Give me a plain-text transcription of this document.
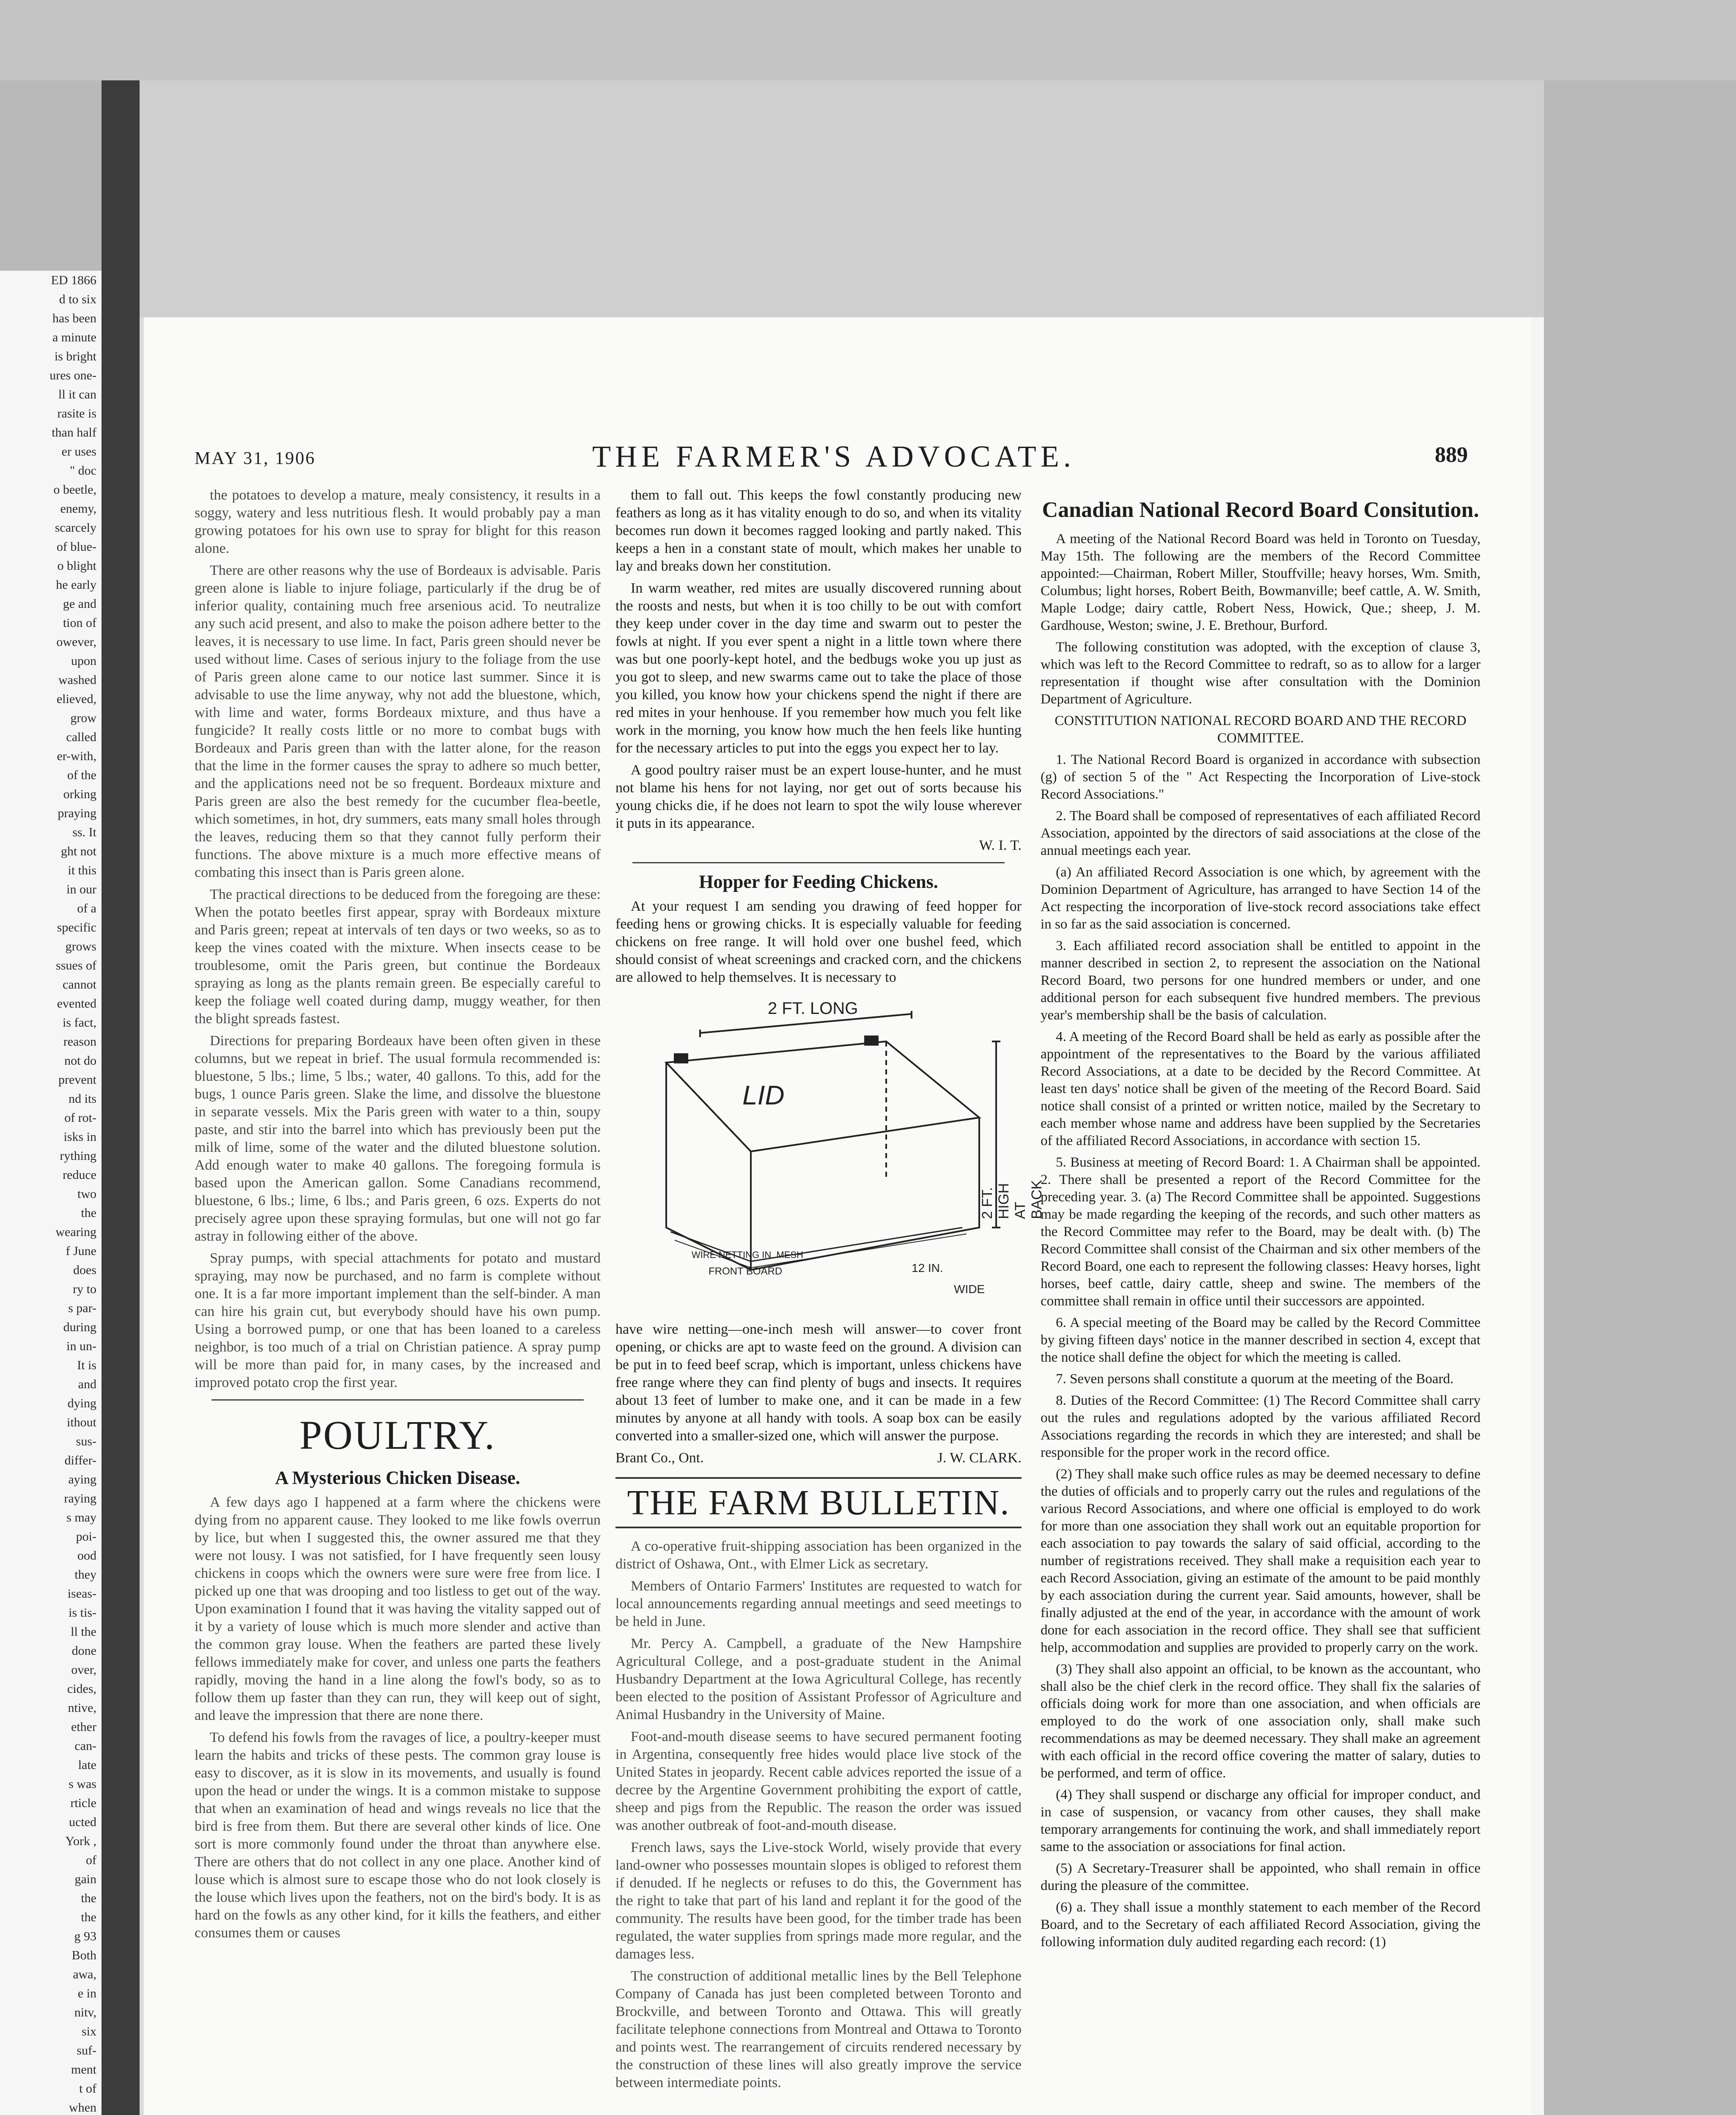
ED 1866

d to six

has been

a minute

is bright

ures one-

ll it can

rasite is

than half

er uses

" doc

o beetle,

enemy,

scarcely

of blue-

o blight

he early

ge and

tion of

owever,

upon

washed

elieved,

grow

called

er-with,

of the

orking

praying

ss. It

ght not

it this

in our

of a

specific

grows

ssues of

cannot

evented

is fact,

reason

not do

prevent

nd its

of rot-

isks in

rything

reduce

two

the

wearing

f June

does

ry to

s par-

during

in un-

It is

and

dying

ithout

sus-

differ-

aying

raying

s may

poi-

ood

they

iseas-

is tis-

ll the

done

over,

cides,

ntive,

ether

can-

late

s was

rticle

ucted

York ,

of

gain

the

the

g 93

Both

awa,

e in

nitv,

six

suf-

ment

t of

when

MAY 31, 1906	THE FARMER'S ADVOCATE.	889

the potatoes to develop a mature, mealy consistency, it results in a soggy, watery and less nutritious flesh. It would probably pay a man growing potatoes for his own use to spray for blight for this reason alone.

There are other reasons why the use of Bordeaux is advisable. Paris green alone is liable to injure foliage, particularly if the drug be of inferior quality, containing much free arsenious acid. To neutralize any such acid present, and also to make the poison adhere better to the leaves, it is necessary to use lime. In fact, Paris green should never be used without lime. Cases of serious injury to the foliage from the use of Paris green alone came to our notice last summer. Since it is advisable to use the lime anyway, why not add the bluestone, which, with lime and water, forms Bordeaux mixture, and thus have a fungicide? It really costs little or no more to combat bugs with Bordeaux and Paris green than with the latter alone, for the reason that the lime in the former causes the spray to adhere so much better, and the applications need not be so frequent. Bordeaux mixture and Paris green are also the best remedy for the cucumber flea-beetle, which sometimes, in hot, dry summers, eats many small holes through the leaves, reducing them so that they cannot fully perform their functions. The above mixture is a much more effective means of combating this insect than is Paris green alone.

The practical directions to be deduced from the foregoing are these: When the potato beetles first appear, spray with Bordeaux mixture and Paris green; repeat at intervals of ten days or two weeks, so as to keep the vines coated with the mixture. When insects cease to be troublesome, omit the Paris green, but continue the Bordeaux spraying as long as the plants remain green. Be especially careful to keep the foliage well coated during damp, muggy weather, for then the blight spreads fastest.

Directions for preparing Bordeaux have been often given in these columns, but we repeat in brief. The usual formula recommended is: bluestone, 5 lbs.; lime, 5 lbs.; water, 40 gallons. To this, add for the bugs, 1 ounce Paris green. Slake the lime, and dissolve the bluestone in separate vessels. Mix the Paris green with water to a thin, soupy paste, and stir into the barrel into which has previously been put the milk of lime, some of the water and the diluted bluestone solution. Add enough water to make 40 gallons. The foregoing formula is based upon the American gallon. Some Canadians recommend, bluestone, 6 lbs.; lime, 6 lbs.; and Paris green, 6 ozs. Experts do not precisely agree upon these spraying formulas, but one will not go far astray in following either of the above.

Spray pumps, with special attachments for potato and mustard spraying, may now be purchased, and no farm is complete without one. It is a far more important implement than the self-binder. A man can hire his grain cut, but everybody should have his own pump. Using a borrowed pump, or one that has been loaned to a careless neighbor, is too much of a trial on Christian patience. A spray pump will be more than paid for, in many cases, by the increased and improved potato crop the first year.

POULTRY.
A Mysterious Chicken Disease.

A few days ago I happened at a farm where the chickens were dying from no apparent cause. They looked to me like fowls overrun by lice, but when I suggested this, the owner assured me that they were not lousy. I was not satisfied, for I have frequently seen lousy chickens in coops which the owners were sure were free from lice. I picked up one that was drooping and too listless to get out of the way. Upon examination I found that it was having the vitality sapped out of it by a variety of louse which is much more slender and active than the common gray louse. When the feathers are parted these lively fellows immediately make for cover, and unless one parts the feathers rapidly, moving the hand in a line along the fowl's body, so as to follow them up faster than they can run, they will keep out of sight, and leave the impression that there are none there.

To defend his fowls from the ravages of lice, a poultry-keeper must learn the habits and tricks of these pests. The common gray louse is easy to discover, as it is slow in its movements, and usually is found upon the head or under the wings. It is a common mistake to suppose that when an examination of head and wings reveals no lice that the bird is free from them. But there are several other kinds of lice. One sort is more commonly found under the throat than anywhere else. There are others that do not collect in any one place. Another kind of louse which is almost sure to escape those who do not look closely is the louse which lives upon the feathers, not on the bird's body. It is as hard on the fowls as any other kind, for it kills the feathers, and either consumes them or causes

them to fall out. This keeps the fowl constantly producing new feathers as long as it has vitality enough to do so, and when its vitality becomes run down it becomes ragged looking and partly naked. This keeps a hen in a constant state of moult, which makes her unable to lay and breaks down her constitution.

In warm weather, red mites are usually discovered running about the roosts and nests, but when it is too chilly to be out with comfort they keep under cover in the day time and swarm out to pester the fowls at night. If you ever spent a night in a little town where there was but one poorly-kept hotel, and the bedbugs woke you up just as you got to sleep, and new swarms came out to take the place of those you killed, you know how your chickens spend the night if there are red mites in your henhouse. If you remember how much you felt like work in the morning, you know how much the hen feels like hunting for the necessary articles to put into the eggs you expect her to lay.

A good poultry raiser must be an expert louse-hunter, and he must not blame his hens for not laying, nor get out of sorts because his young chicks die, if he does not learn to spot the wily louse wherever it puts in its appearance.

W. I. T.

Hopper for Feeding Chickens.

At your request I am sending you drawing of feed hopper for feeding hens or growing chicks. It is especially valuable for feeding chickens on free range. It will hold over one bushel feed, which should consist of wheat screenings and cracked corn, and the chickens are allowed to help themselves. It is necessary to

2 FT. LONG
LID
2 FT. HIGH AT BACK
WIRE NETTING IN. MESH
FRONT BOARD	12 IN.
WIDE

have wire netting—one-inch mesh will answer—to cover front opening, or chicks are apt to waste feed on the ground. A division can be put in to feed beef scrap, which is important, unless chickens have free range where they can find plenty of bugs and insects. It requires about 13 feet of lumber to make one, and it can be made in a few minutes by anyone at all handy with tools. A soap box can be easily converted into a smaller-sized one, which will answer the purpose.

Brant Co., Ont.	J. W. CLARK.

THE FARM BULLETIN.

A co-operative fruit-shipping association has been organized in the district of Oshawa, Ont., with Elmer Lick as secretary.

Members of Ontario Farmers' Institutes are requested to watch for local announcements regarding annual meetings and seed meetings to be held in June.

Mr. Percy A. Campbell, a graduate of the New Hampshire Agricultural College, and a post-graduate student in the Animal Husbandry Department at the Iowa Agricultural College, has recently been elected to the position of Assistant Professor of Agriculture and Animal Husbandry in the University of Maine.

Foot-and-mouth disease seems to have secured permanent footing in Argentina, consequently free hides would place live stock of the United States in jeopardy. Recent cable advices reported the issue of a decree by the Argentine Government prohibiting the export of cattle, sheep and pigs from the Republic. The reason the order was issued was another outbreak of foot-and-mouth disease.

French laws, says the Live-stock World, wisely provide that every land-owner who possesses mountain slopes is obliged to reforest them if denuded. If he neglects or refuses to do this, the Government has the right to take that part of his land and replant it for the good of the community. The results have been good, for the timber trade has been regulated, the water supplies from springs made more regular, and the damages less.

The construction of additional metallic lines by the Bell Telephone Company of Canada has just been completed between Toronto and Brockville, and between Toronto and Ottawa. This will greatly facilitate telephone connections from Montreal and Ottawa to Toronto and points west. The rearrangement of circuits rendered necessary by the construction of these lines will also greatly improve the service between intermediate points.

Canadian National Record Board Consitution.

A meeting of the National Record Board was held in Toronto on Tuesday, May 15th. The following are the members of the Record Committee appointed:—Chairman, Robert Miller, Stouffville; heavy horses, Wm. Smith, Columbus; light horses, Robert Beith, Bowmanville; beef cattle, A. W. Smith, Maple Lodge; dairy cattle, Robert Ness, Howick, Que.; sheep, J. M. Gardhouse, Weston; swine, J. E. Brethour, Burford.

The following constitution was adopted, with the exception of clause 3, which was left to the Record Committee to redraft, so as to allow for a larger representation if thought wise after consultation with the Dominion Department of Agriculture.

CONSTITUTION NATIONAL RECORD BOARD AND THE RECORD COMMITTEE.

1. The National Record Board is organized in accordance with subsection (g) of section 5 of the " Act Respecting the Incorporation of Live-stock Record Associations."

2. The Board shall be composed of representatives of each affiliated Record Association, appointed by the directors of said associations at the close of the annual meetings each year.

(a) An affiliated Record Association is one which, by agreement with the Dominion Department of Agriculture, has arranged to have Section 14 of the Act respecting the incorporation of live-stock record associations take effect in so far as the said association is concerned.

3. Each affiliated record association shall be entitled to appoint in the manner described in section 2, to represent the association on the National Record Board, two persons for one hundred members or under, and one additional person for each subsequent five hundred members. The previous year's membership shall be the basis of calculation.

4. A meeting of the Record Board shall be held as early as possible after the appointment of the representatives to the Board by the various affiliated Record Associations, at a date to be decided by the Record Committee. At least ten days' notice shall be given of the meeting of the Record Board. Said notice shall consist of a printed or written notice, mailed by the Secretary to each member whose name and address have been supplied by the Secretaries of the affiliated Record Associations, in accordance with section 15.

5. Business at meeting of Record Board: 1. A Chairman shall be appointed. 2. There shall be presented a report of the Record Committee for the preceding year. 3. (a) The Record Committee shall be appointed. Suggestions may be made regarding the keeping of the records, and such other matters as the Record Committee may refer to the Board, may be dealt with. (b) The Record Committee shall consist of the Chairman and six other members of the Record Board, one each to represent the following classes: Heavy horses, light horses, beef cattle, dairy cattle, sheep and swine. The members of the committee shall remain in office until their successors are appointed.

6. A special meeting of the Board may be called by the Record Committee by giving fifteen days' notice in the manner described in section 4, except that the notice shall define the object for which the meeting is called.

7. Seven persons shall constitute a quorum at the meeting of the Board.

8. Duties of the Record Committee: (1) The Record Committee shall carry out the rules and regulations adopted by the various affiliated Record Associations regarding the records in which they are interested; and shall be responsible for the proper work in the record office.

(2) They shall make such office rules as may be deemed necessary to define the duties of officials and to properly carry out the rules and regulations of the various Record Associations, and where one official is employed to do work for more than one association they shall work out an equitable proportion for each association to pay towards the salary of said official, according to the number of registrations received. They shall make a requisition each year to each Record Association, giving an estimate of the amount to be paid monthly by each association during the current year. Said amounts, however, shall be finally adjusted at the end of the year, in accordance with the amount of work done for each association in the record office. They shall see that sufficient help, accommodation and supplies are provided to properly carry on the work.

(3) They shall also appoint an official, to be known as the accountant, who shall also be the chief clerk in the record office. They shall fix the salaries of officials doing work for more than one association, and when officials are employed to do the work of one association only, shall make such recommendations as may be deemed necessary. They shall make an agreement with each official in the record office covering the matter of salary, duties to be performed, and term of office.

(4) They shall suspend or discharge any official for improper conduct, and in case of suspension, or vacancy from other causes, they shall make temporary arrangements for continuing the work, and shall immediately report same to the association or associations for final action.

(5) A Secretary-Treasurer shall be appointed, who shall remain in office during the pleasure of the committee.

(6) a. They shall issue a monthly statement to each member of the Record Board, and to the Secretary of each affiliated Record Association, giving the following information duly audited regarding each record: (1)
